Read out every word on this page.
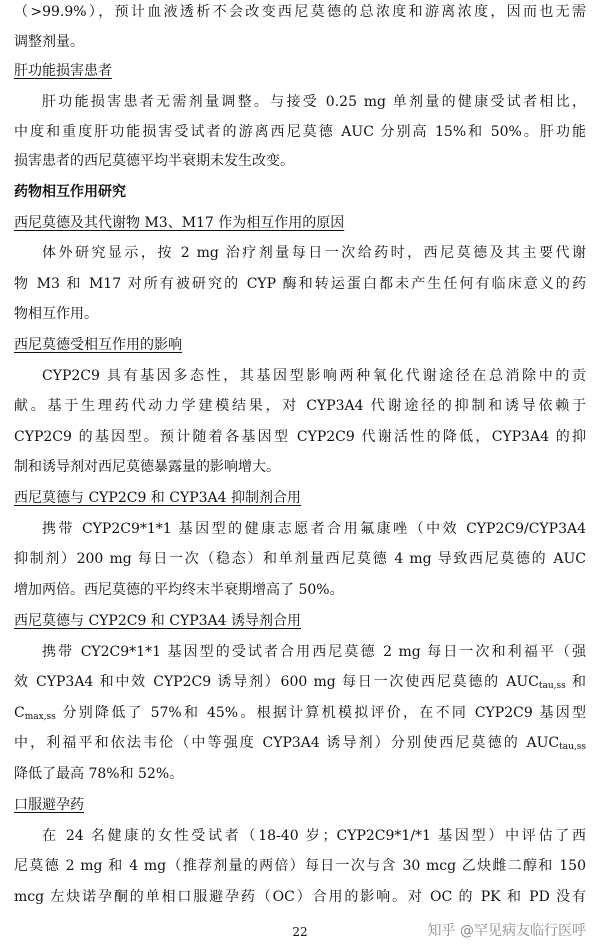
（>99.9%），预计血液透析不会改变西尼莫德的总浓度和游离浓度，因而也无需
调整剂量。
肝功能损害患者
肝功能损害患者无需剂量调整。与接受 0.25 mg 单剂量的健康受试者相比，
中度和重度肝功能损害受试者的游离西尼莫德 AUC 分别高 15%和 50%。肝功能
损害患者的西尼莫德平均半衰期未发生改变。
药物相互作用研究
西尼莫德及其代谢物 M3、M17 作为相互作用的原因
体外研究显示，按 2 mg 治疗剂量每日一次给药时，西尼莫德及其主要代谢
物 M3 和 M17 对所有被研究的 CYP 酶和转运蛋白都未产生任何有临床意义的药
物相互作用。
西尼莫德受相互作用的影响
CYP2C9 具有基因多态性，其基因型影响两种氧化代谢途径在总消除中的贡
献。基于生理药代动力学建模结果，对 CYP3A4 代谢途径的抑制和诱导依赖于
CYP2C9 的基因型。预计随着各基因型 CYP2C9 代谢活性的降低，CYP3A4 的抑
制和诱导剂对西尼莫德暴露量的影响增大。
西尼莫德与 CYP2C9 和 CYP3A4 抑制剂合用
携带 CYP2C9*1*1 基因型的健康志愿者合用氟康唑（中效 CYP2C9/CYP3A4
抑制剂）200 mg 每日一次（稳态）和单剂量西尼莫德 4 mg 导致西尼莫德的 AUC
增加两倍。西尼莫德的平均终末半衰期增高了 50%。
西尼莫德与 CYP2C9 和 CYP3A4 诱导剂合用
携带 CY2C9*1*1 基因型的受试者合用西尼莫德 2 mg 每日一次和利福平（强
效 CYP3A4 和中效 CYP2C9 诱导剂）600 mg 每日一次使西尼莫德的 $AUC_{tau,ss}$ 和
$C_{max,ss}$ 分别降低了 57%和 45%。根据计算机模拟评价，在不同 CYP2C9 基因型
中，利福平和依法韦伦（中等强度 CYP3A4 诱导剂）分别使西尼莫德的 $AUC_{tau,ss}$
降低了最高 78%和 52%。
口服避孕药
在 24 名健康的女性受试者（18-40 岁；CYP2C9*1/*1 基因型）中评估了西
尼莫德 2 mg 和 4 mg（推荐剂量的两倍）每日一次与含 30 mcg 乙炔雌二醇和 150
mcg 左炔诺孕酮的单相口服避孕药（OC）合用的影响。对 OC 的 PK 和 PD 没有
22	知乎 @罕见病友临行医呼
